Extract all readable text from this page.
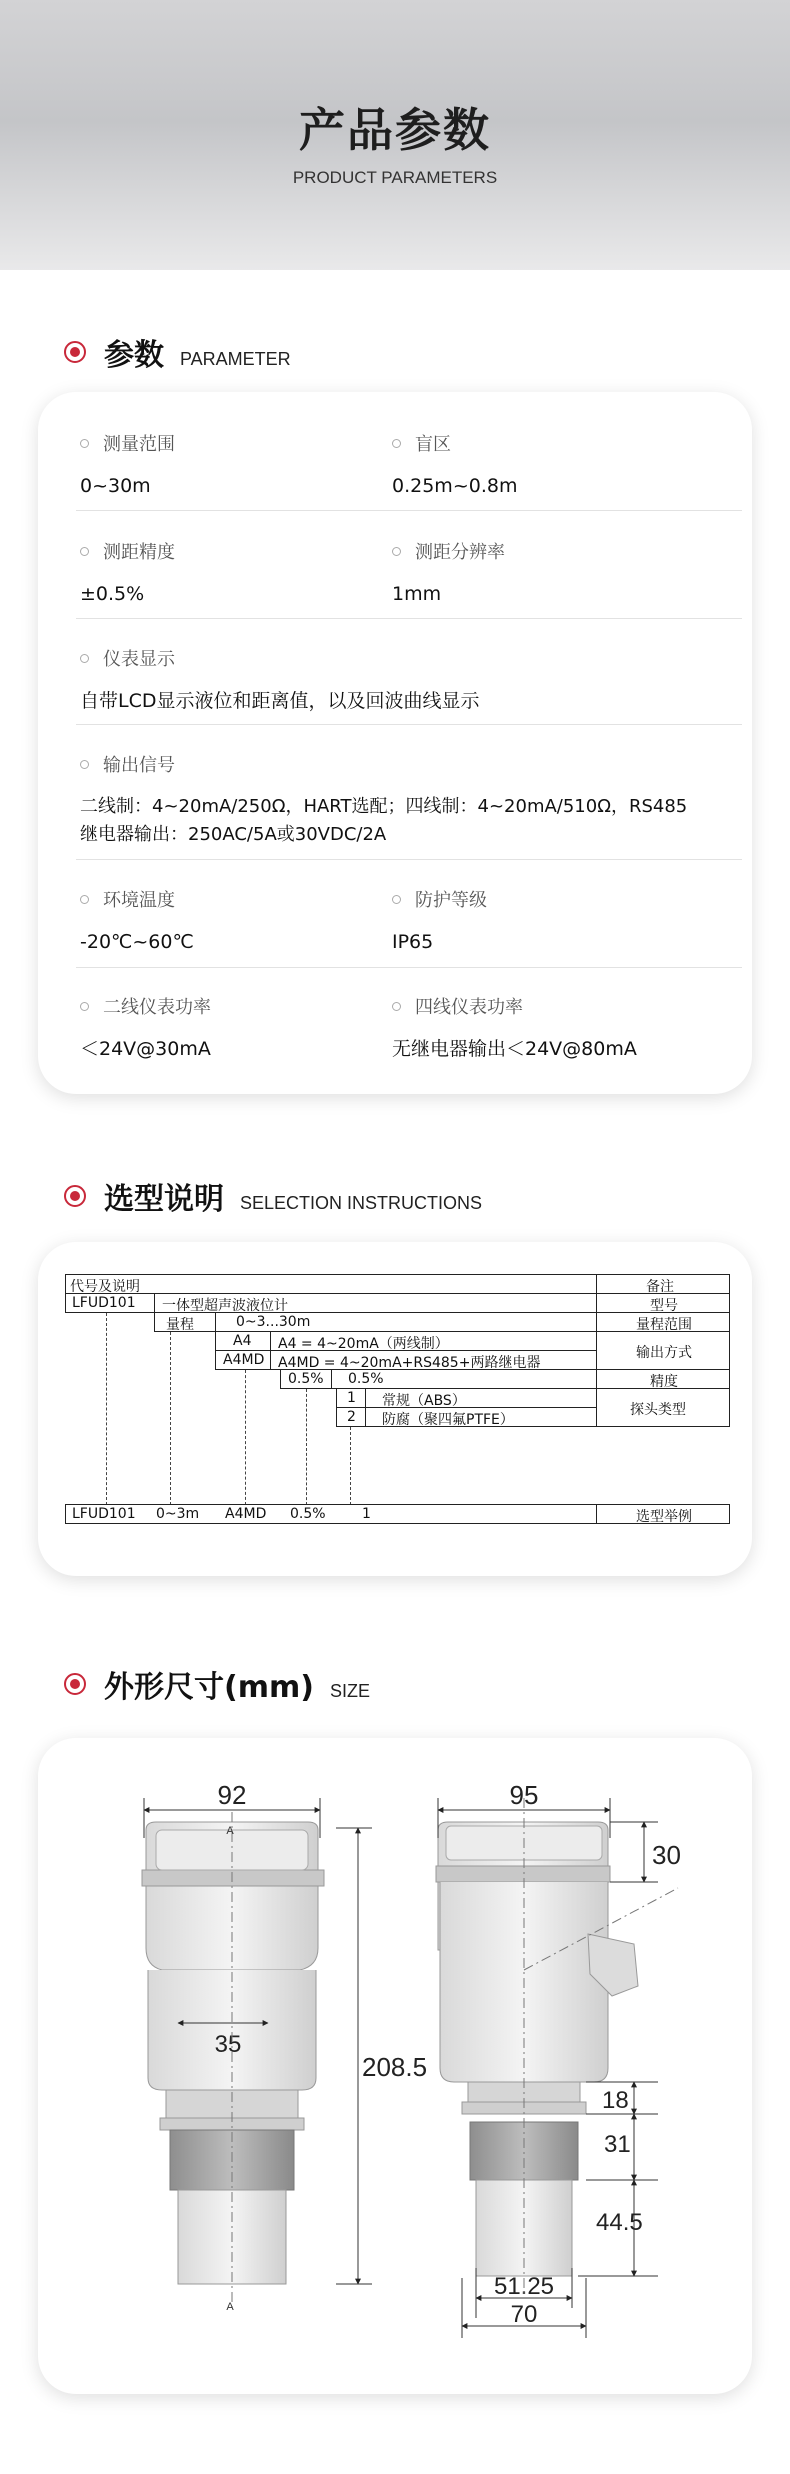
产品参数
PRODUCT PARAMETERS
参数 PARAMETER
测量范围
0~30m
盲区
0.25m~0.8m
测距精度
±0.5%
测距分辨率
1mm
仪表显示
自带LCD显示液位和距离值，以及回波曲线显示
输出信号
二线制：4~20mA/250Ω，HART选配；四线制：4~20mA/510Ω，RS485
继电器输出：250AC/5A或30VDC/2A
环境温度
-20℃~60℃
防护等级
IP65
二线仪表功率
＜24V@30mA
四线仪表功率
无继电器输出＜24V@80mA
选型说明 SELECTION INSTRUCTIONS
代号及说明	备注
LFUD101 一体型超声波液位计	型号
量程	0~3...30m	量程范围
A4 A4 = 4~20mA（两线制）
A4MD A4MD = 4~20mA+RS485+两路继电器
输出方式
0.5% 0.5%	精度
1 常规（ABS）
2 防腐（聚四氟PTFE）
探头类型
LFUD101 0~3m A4MD 0.5%	1	选型举例
外形尺寸(mm) SIZE
92
35
208.5
A
A
95
30
18
31
44.5
51.25
70
